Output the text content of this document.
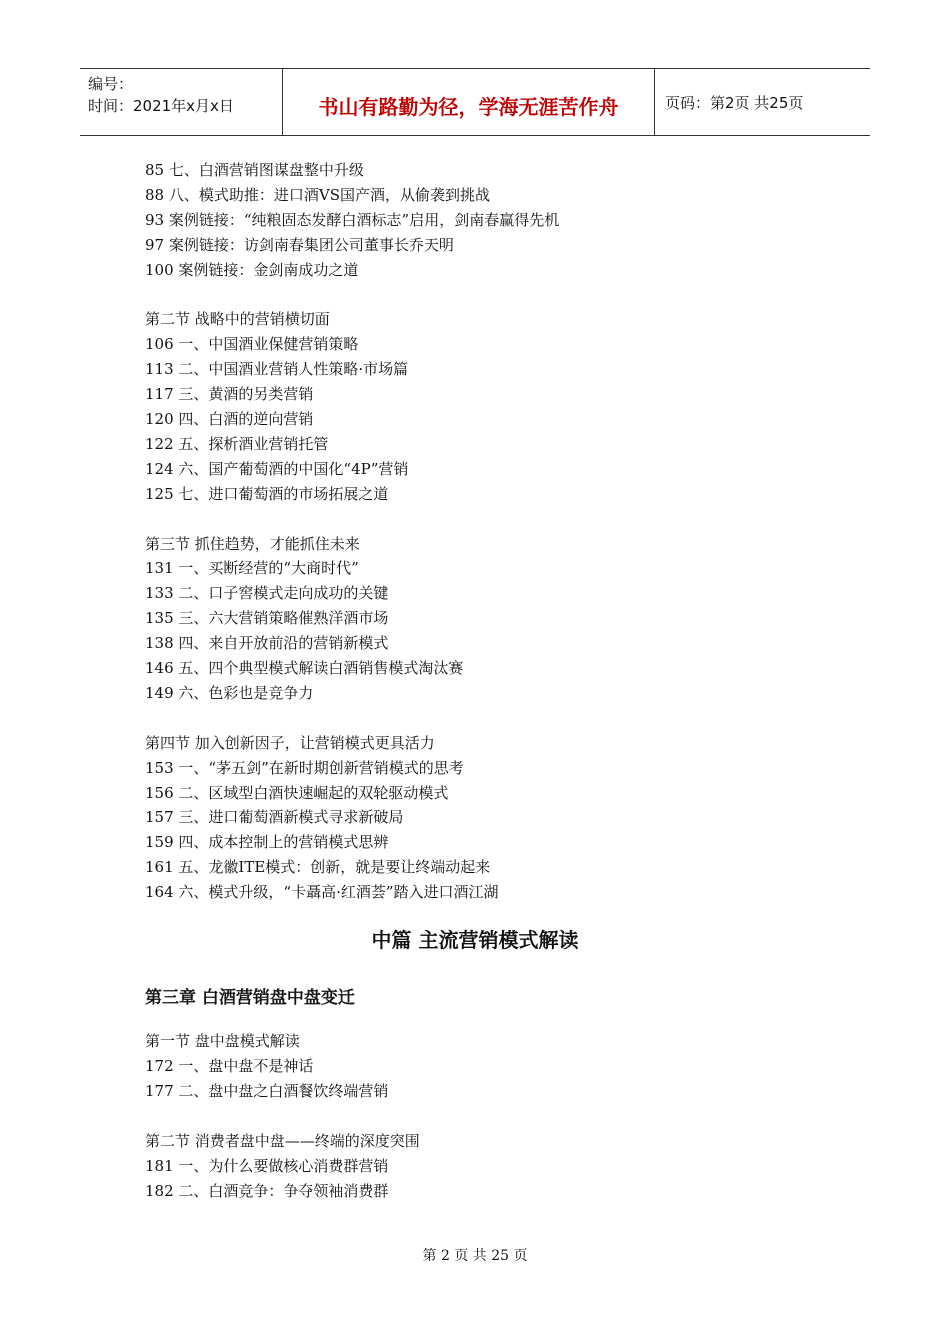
编号：
时间：2021年x月x日	书山有路勤为径，学海无涯苦作舟	页码：第2页 共25页
85 七、白酒营销图谋盘整中升级
88 八、模式助推：进口酒VS国产酒，从偷袭到挑战
93 案例链接：“纯粮固态发酵白酒标志”启用，剑南春赢得先机
97 案例链接：访剑南春集团公司董事长乔天明
100 案例链接：金剑南成功之道
第二节 战略中的营销横切面
106 一、中国酒业保健营销策略
113 二、中国酒业营销人性策略·市场篇
117 三、黄酒的另类营销
120 四、白酒的逆向营销
122 五、探析酒业营销托管
124 六、国产葡萄酒的中国化“4P”营销
125 七、进口葡萄酒的市场拓展之道
第三节 抓住趋势，才能抓住未来
131 一、买断经营的“大商时代”
133 二、口子窖模式走向成功的关键
135 三、六大营销策略催熟洋酒市场
138 四、来自开放前沿的营销新模式
146 五、四个典型模式解读白酒销售模式淘汰赛
149 六、色彩也是竞争力
第四节 加入创新因子，让营销模式更具活力
153 一、“茅五剑”在新时期创新营销模式的思考
156 二、区域型白酒快速崛起的双轮驱动模式
157 三、进口葡萄酒新模式寻求新破局
159 四、成本控制上的营销模式思辨
161 五、龙徽ITE模式：创新，就是要让终端动起来
164 六、模式升级，“卡聶高·红酒荟”踏入进口酒江湖
中篇 主流营销模式解读
第三章 白酒营销盘中盘变迁
第一节 盘中盘模式解读
172 一、盘中盘不是神话
177 二、盘中盘之白酒餐饮终端营销
第二节 消费者盘中盘——终端的深度突围
181 一、为什么要做核心消费群营销
182 二、白酒竞争：争夺领袖消费群
第 2 页 共 25 页
